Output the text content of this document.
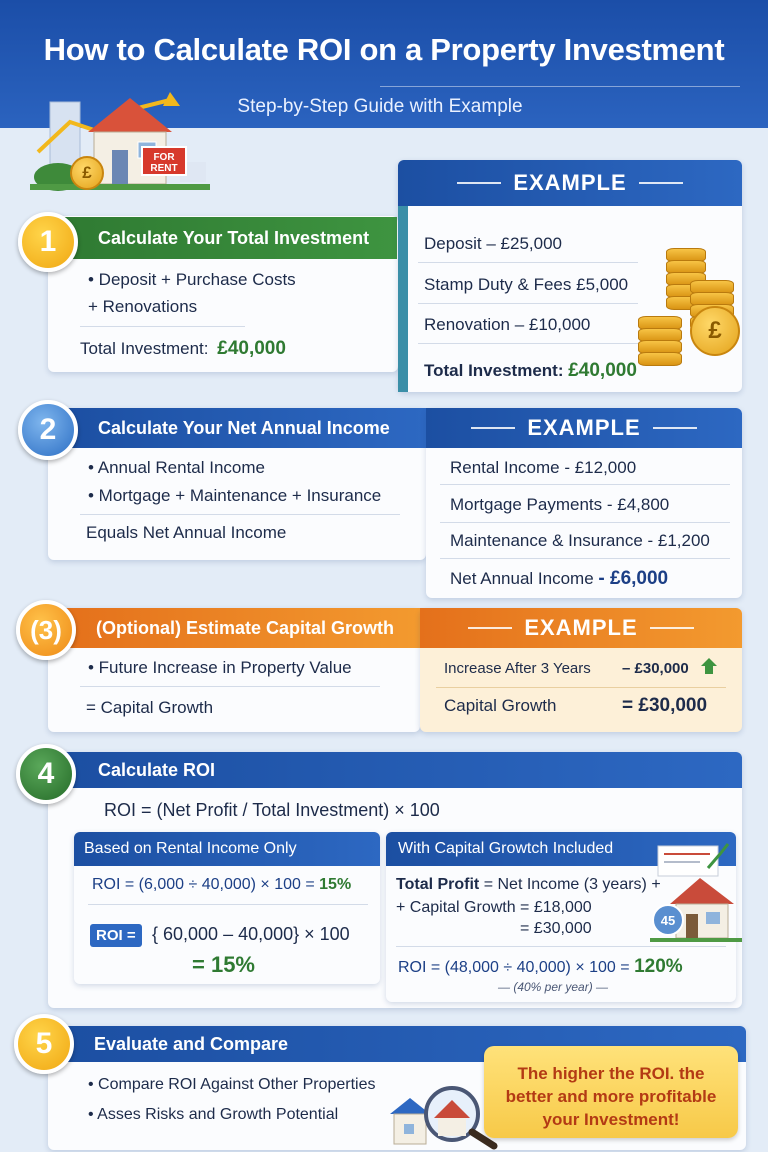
How to Calculate ROI on a Property Investment
Step-by-Step Guide with Example
£
FOR RENT
Calculate Your Total Investment
1
• Deposit + Purchase Costs
+ Renovations
Total Investment: £40,000
EXAMPLE
Deposit – £25,000
Stamp Duty & Fees £5,000
Renovation – £10,000
Total Investment: £40,000
£
Calculate Your Net Annual Income
2
• Annual Rental Income
• Mortgage + Maintenance + Insurance
Equals Net Annual Income
EXAMPLE
Rental Income - £12,000
Mortgage Payments - £4,800
Maintenance & Insurance - £1,200
Net Annual Income - £6,000
(Optional) Estimate Capital Growth
(3)
• Future Increase in Property Value
= Capital Growth
EXAMPLE
Increase After 3 Years – £30,000
Capital Growth	= £30,000
Calculate ROI
4
ROI = (Net Profit / Total Investment) × 100
Based on Rental Income Only
ROI = (6,000 ÷ 40,000) × 100 = 15%
ROI = { 60,000 – 40,000} × 100
= 15%
With Capital Growtch Included
Total Profit = Net Income (3 years) +
+ Capital Growth = £18,000
= £30,000
ROI = (48,000 ÷ 40,000) × 100 = 120%
— (40% per year) —
45
Evaluate and Compare
5
• Compare ROI Against Other Properties
• Asses Risks and Growth Potential
The higher the ROI. the better and more profitable your Investment!
